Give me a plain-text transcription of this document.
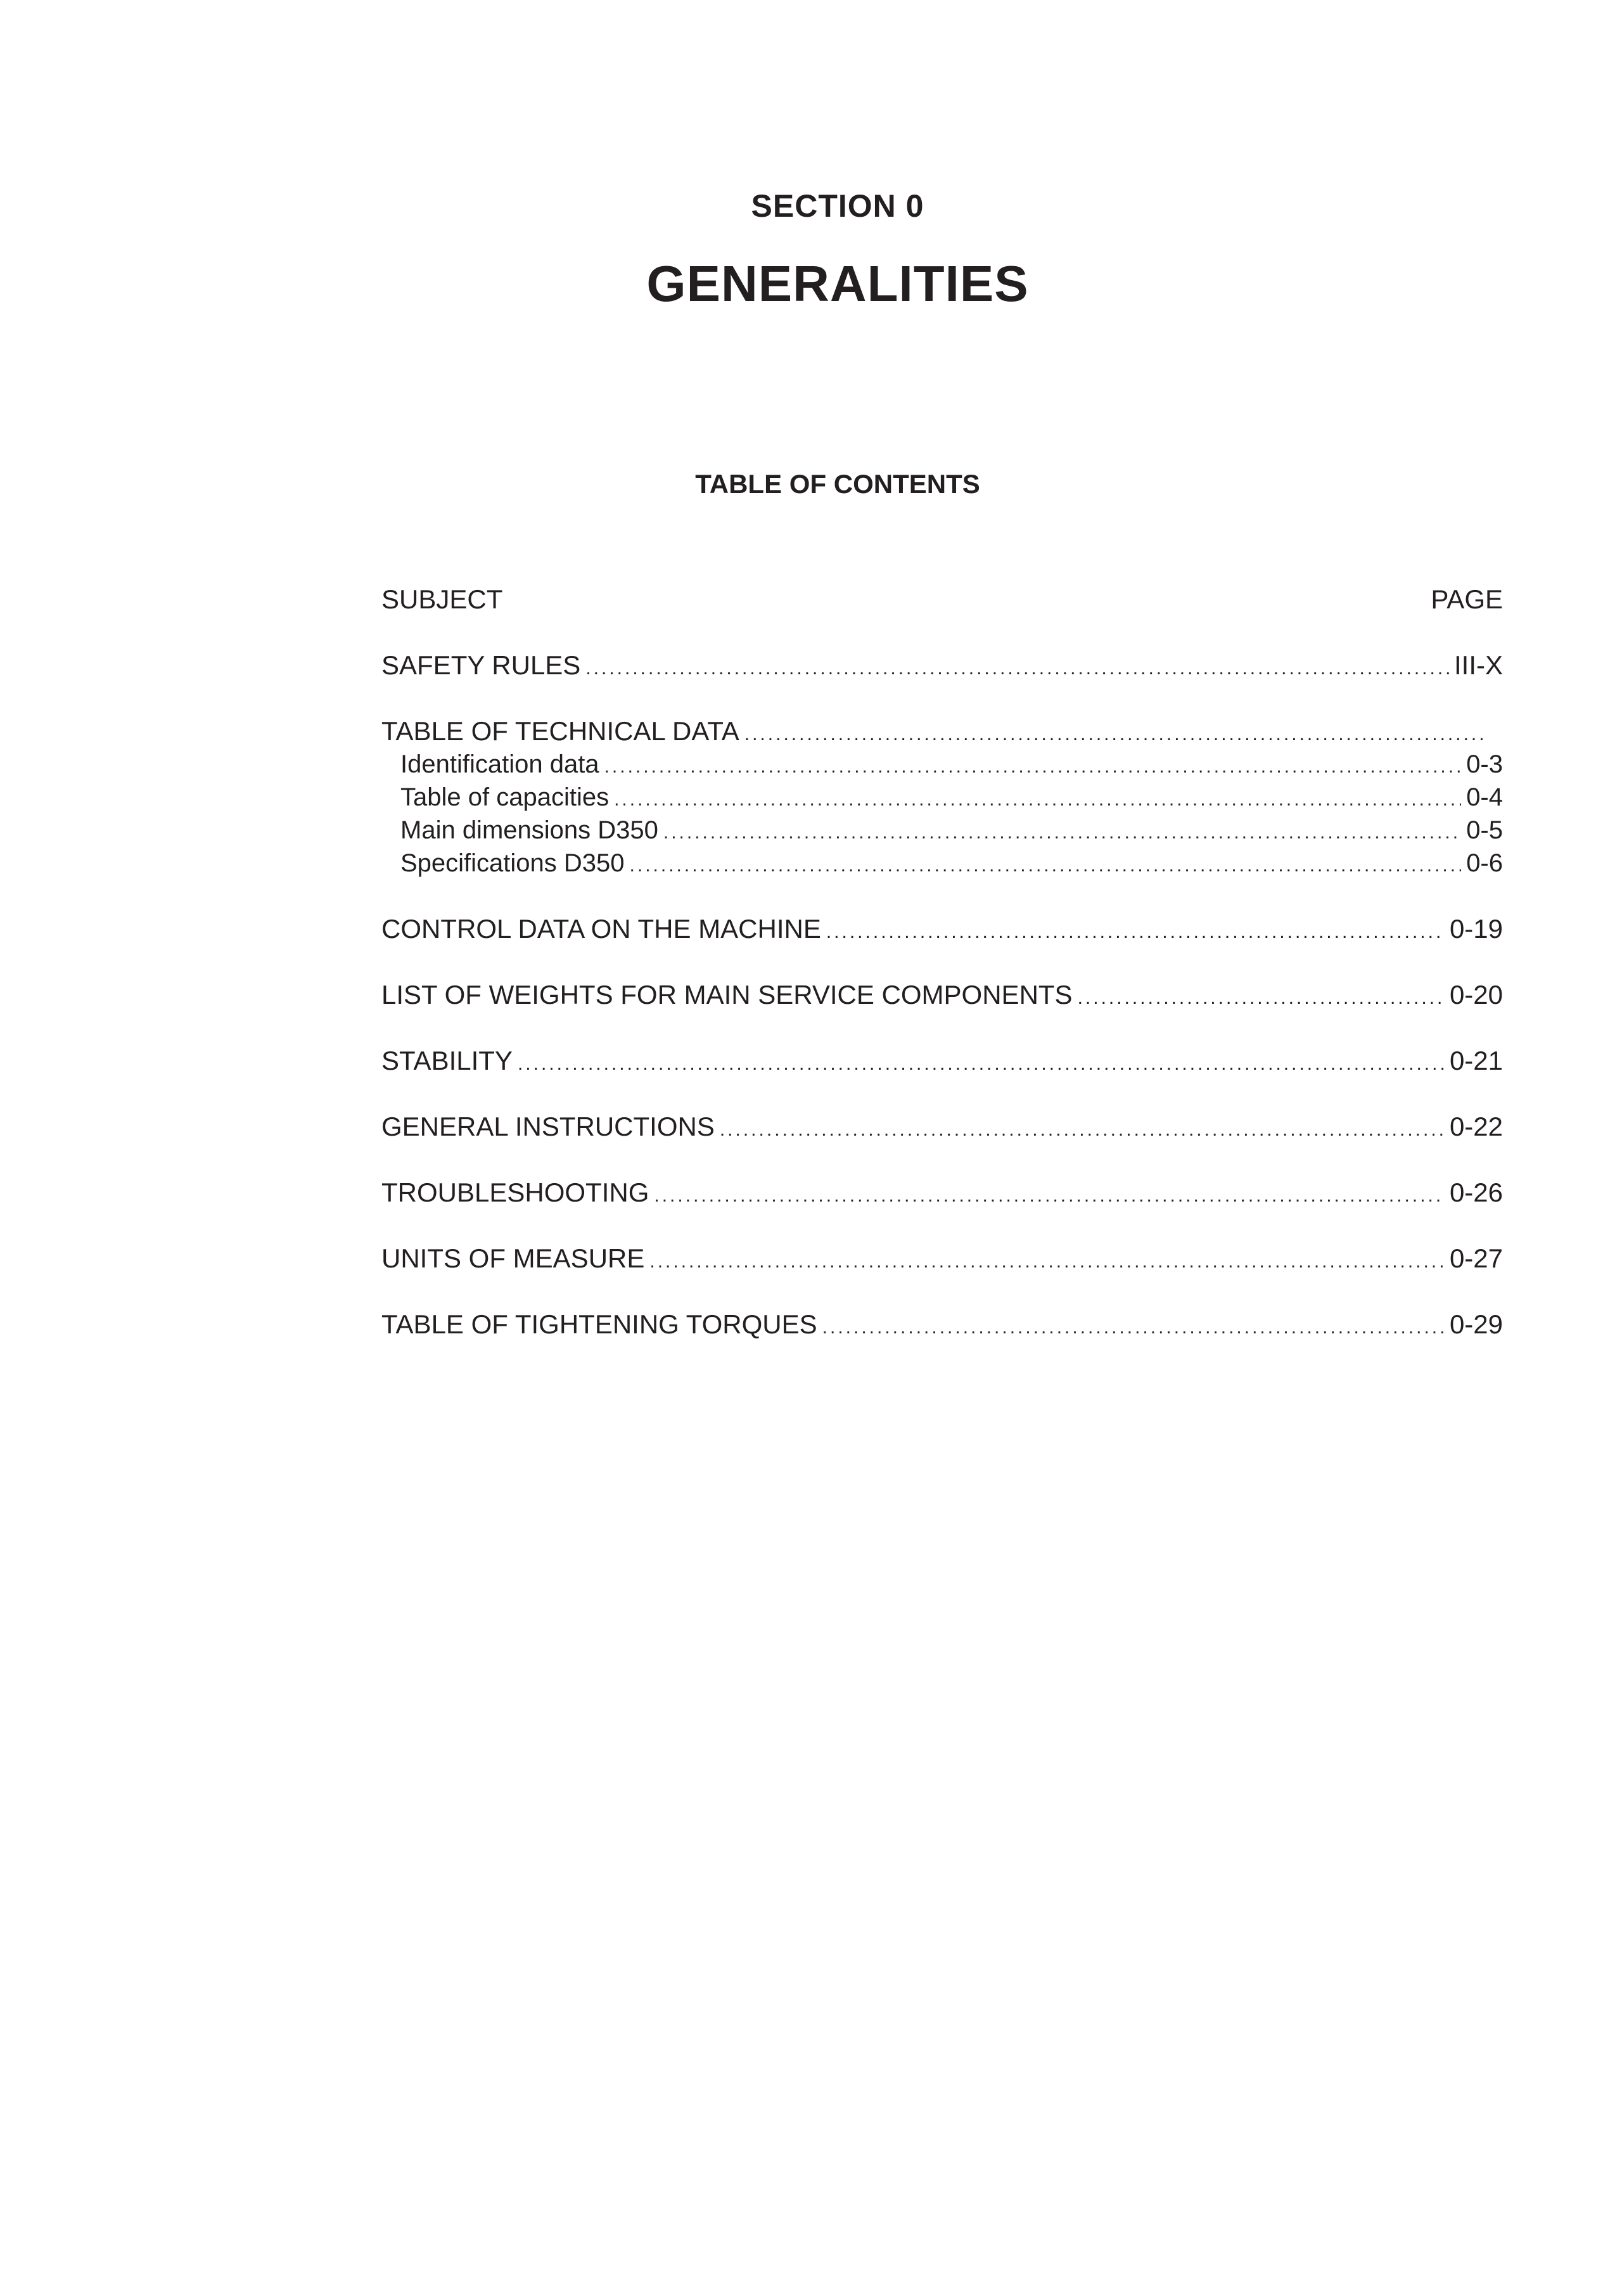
SECTION 0
GENERALITIES
TABLE OF CONTENTS
SUBJECT	PAGE
SAFETY RULES .....	III-X
TABLE OF TECHNICAL DATA
.....
Identification data .....	0-3
Table of capacities .....	0-4
Main dimensions D350 .....	0-5
Specifications D350 .....	0-6
CONTROL DATA ON THE MACHINE .....	0-19
LIST OF WEIGHTS FOR MAIN SERVICE COMPONENTS .....	0-20
STABILITY .....	0-21
GENERAL INSTRUCTIONS .....	0-22
TROUBLESHOOTING .....	0-26
UNITS OF MEASURE .....	0-27
TABLE OF TIGHTENING TORQUES .....	0-29
